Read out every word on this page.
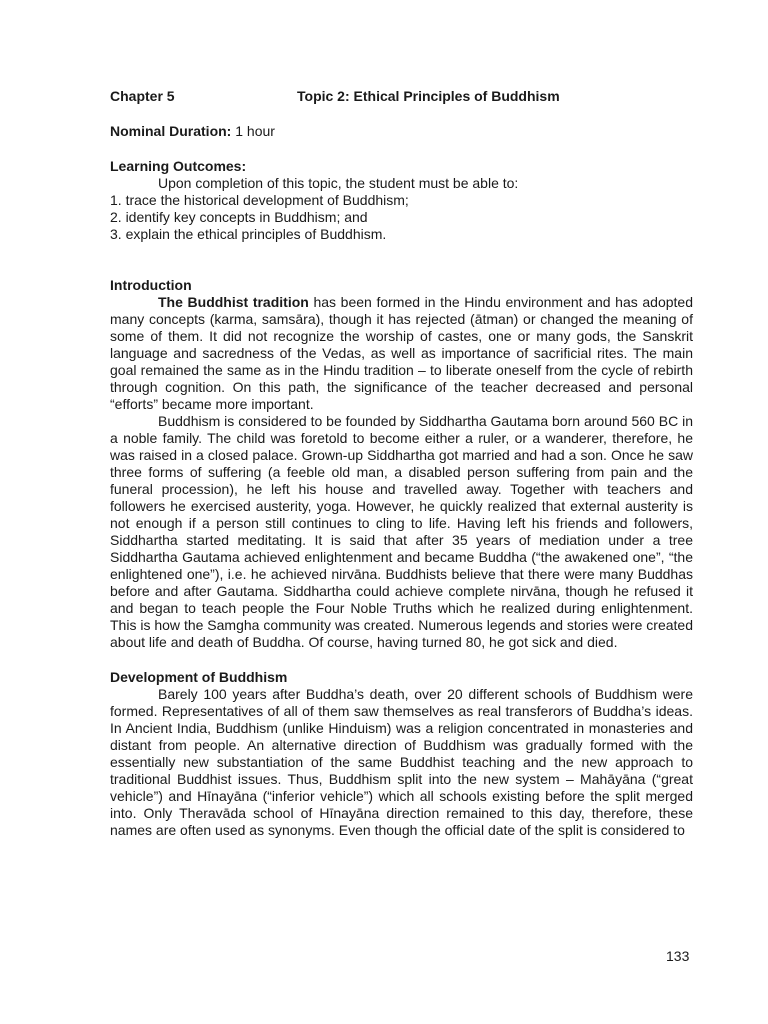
Chapter 5	Topic 2: Ethical Principles of Buddhism
Nominal Duration: 1 hour
Learning Outcomes:
Upon completion of this topic, the student must be able to:
1. trace the historical development of Buddhism;
2. identify key concepts in Buddhism; and
3. explain the ethical principles of Buddhism.
Introduction

The Buddhist tradition has been formed in the Hindu environment and has adopted many concepts (karma, samsāra), though it has rejected (ātman) or changed the meaning of some of them. It did not recognize the worship of castes, one or many gods, the Sanskrit language and sacredness of the Vedas, as well as importance of sacrificial rites. The main goal remained the same as in the Hindu tradition – to liberate oneself from the cycle of rebirth through cognition. On this path, the significance of the teacher decreased and personal “efforts” became more important.

Buddhism is considered to be founded by Siddhartha Gautama born around 560 BC in a noble family. The child was foretold to become either a ruler, or a wanderer, therefore, he was raised in a closed palace. Grown-up Siddhartha got married and had a son. Once he saw three forms of suffering (a feeble old man, a disabled person suffering from pain and the funeral procession), he left his house and travelled away. Together with teachers and followers he exercised austerity, yoga. However, he quickly realized that external austerity is not enough if a person still continues to cling to life. Having left his friends and followers, Siddhartha started meditating. It is said that after 35 years of mediation under a tree Siddhartha Gautama achieved enlightenment and became Buddha (“the awakened one”, “the enlightened one”), i.e. he achieved nirvāna. Buddhists believe that there were many Buddhas before and after Gautama. Siddhartha could achieve complete nirvāna, though he refused it and began to teach people the Four Noble Truths which he realized during enlightenment. This is how the Samgha community was created. Numerous legends and stories were created about life and death of Buddha. Of course, having turned 80, he got sick and died.

Development of Buddhism

Barely 100 years after Buddha’s death, over 20 different schools of Buddhism were formed. Representatives of all of them saw themselves as real transferors of Buddha’s ideas. In Ancient India, Buddhism (unlike Hinduism) was a religion concentrated in monasteries and distant from people. An alternative direction of Buddhism was gradually formed with the essentially new substantiation of the same Buddhist teaching and the new approach to traditional Buddhist issues. Thus, Buddhism split into the new system – Mahāyāna (“great vehicle”) and Hīnayāna (“inferior vehicle”) which all schools existing before the split merged into. Only Theravāda school of Hīnayāna direction remained to this day, therefore, these names are often used as synonyms. Even though the official date of the split is considered to

133
